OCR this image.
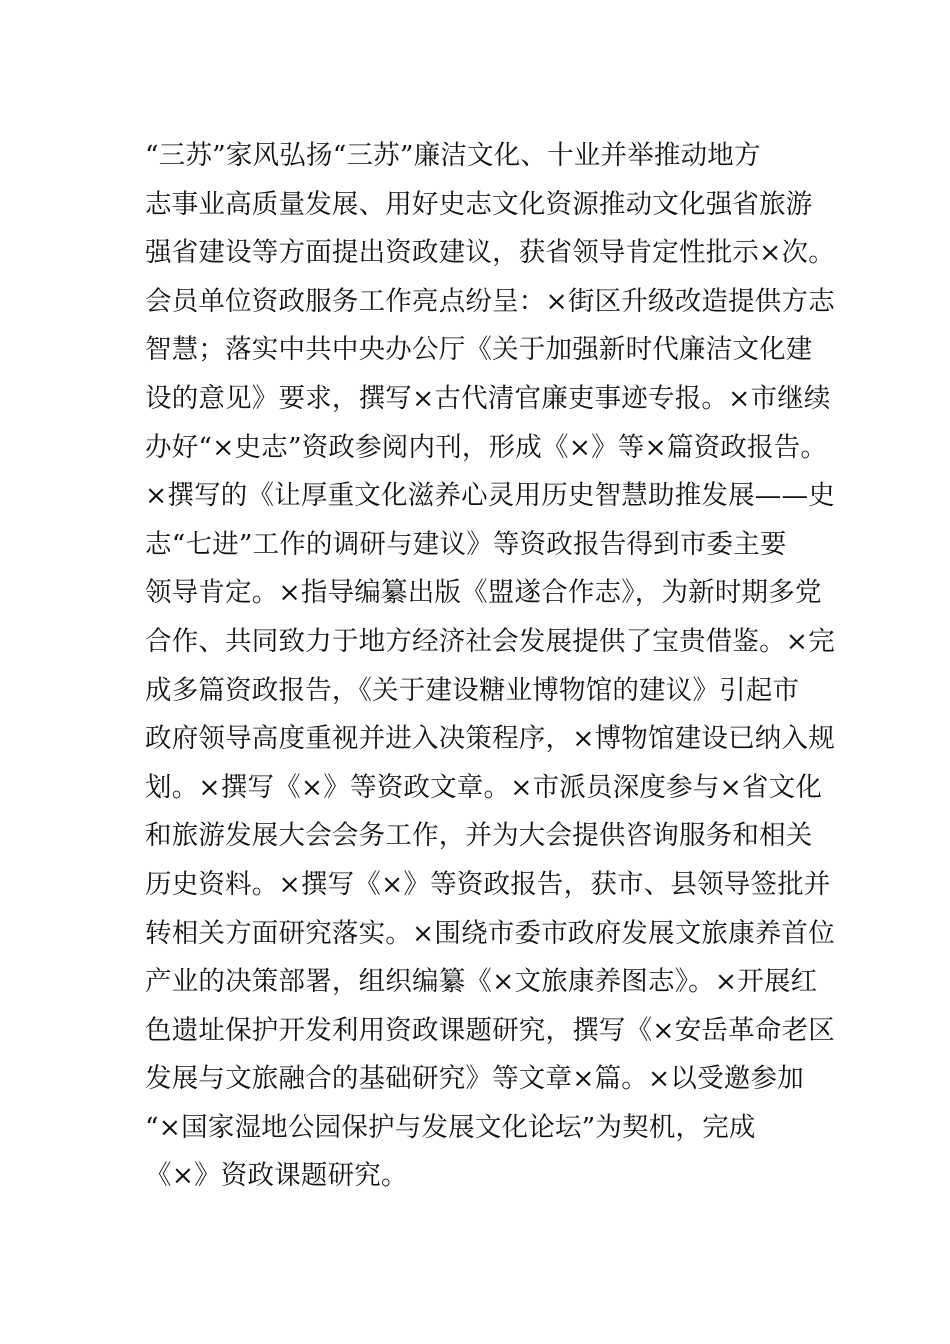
“三苏”家风弘扬“三苏”廉洁文化、十业并举推动地方
志事业高质量发展、用好史志文化资源推动文化强省旅游
强省建设等方面提出资政建议，获省领导肯定性批示×次。
会员单位资政服务工作亮点纷呈：×街区升级改造提供方志
智慧；落实中共中央办公厅《关于加强新时代廉洁文化建
设的意见》要求，撰写×古代清官廉吏事迹专报。×市继续
办好“×史志”资政参阅内刊，形成《×》等×篇资政报告。
×撰写的《让厚重文化滋养心灵用历史智慧助推发展——史
志“七进”工作的调研与建议》等资政报告得到市委主要
领导肯定。×指导编纂出版《盟遂合作志》，为新时期多党
合作、共同致力于地方经济社会发展提供了宝贵借鉴。×完
成多篇资政报告，《关于建设糖业博物馆的建议》引起市
政府领导高度重视并进入决策程序，×博物馆建设已纳入规
划。×撰写《×》等资政文章。×市派员深度参与×省文化
和旅游发展大会会务工作，并为大会提供咨询服务和相关
历史资料。×撰写《×》等资政报告，获市、县领导签批并
转相关方面研究落实。×围绕市委市政府发展文旅康养首位
产业的决策部署，组织编纂《×文旅康养图志》。×开展红
色遗址保护开发利用资政课题研究，撰写《×安岳革命老区
发展与文旅融合的基础研究》等文章×篇。×以受邀参加
“×国家湿地公园保护与发展文化论坛”为契机，完成
《×》资政课题研究。
